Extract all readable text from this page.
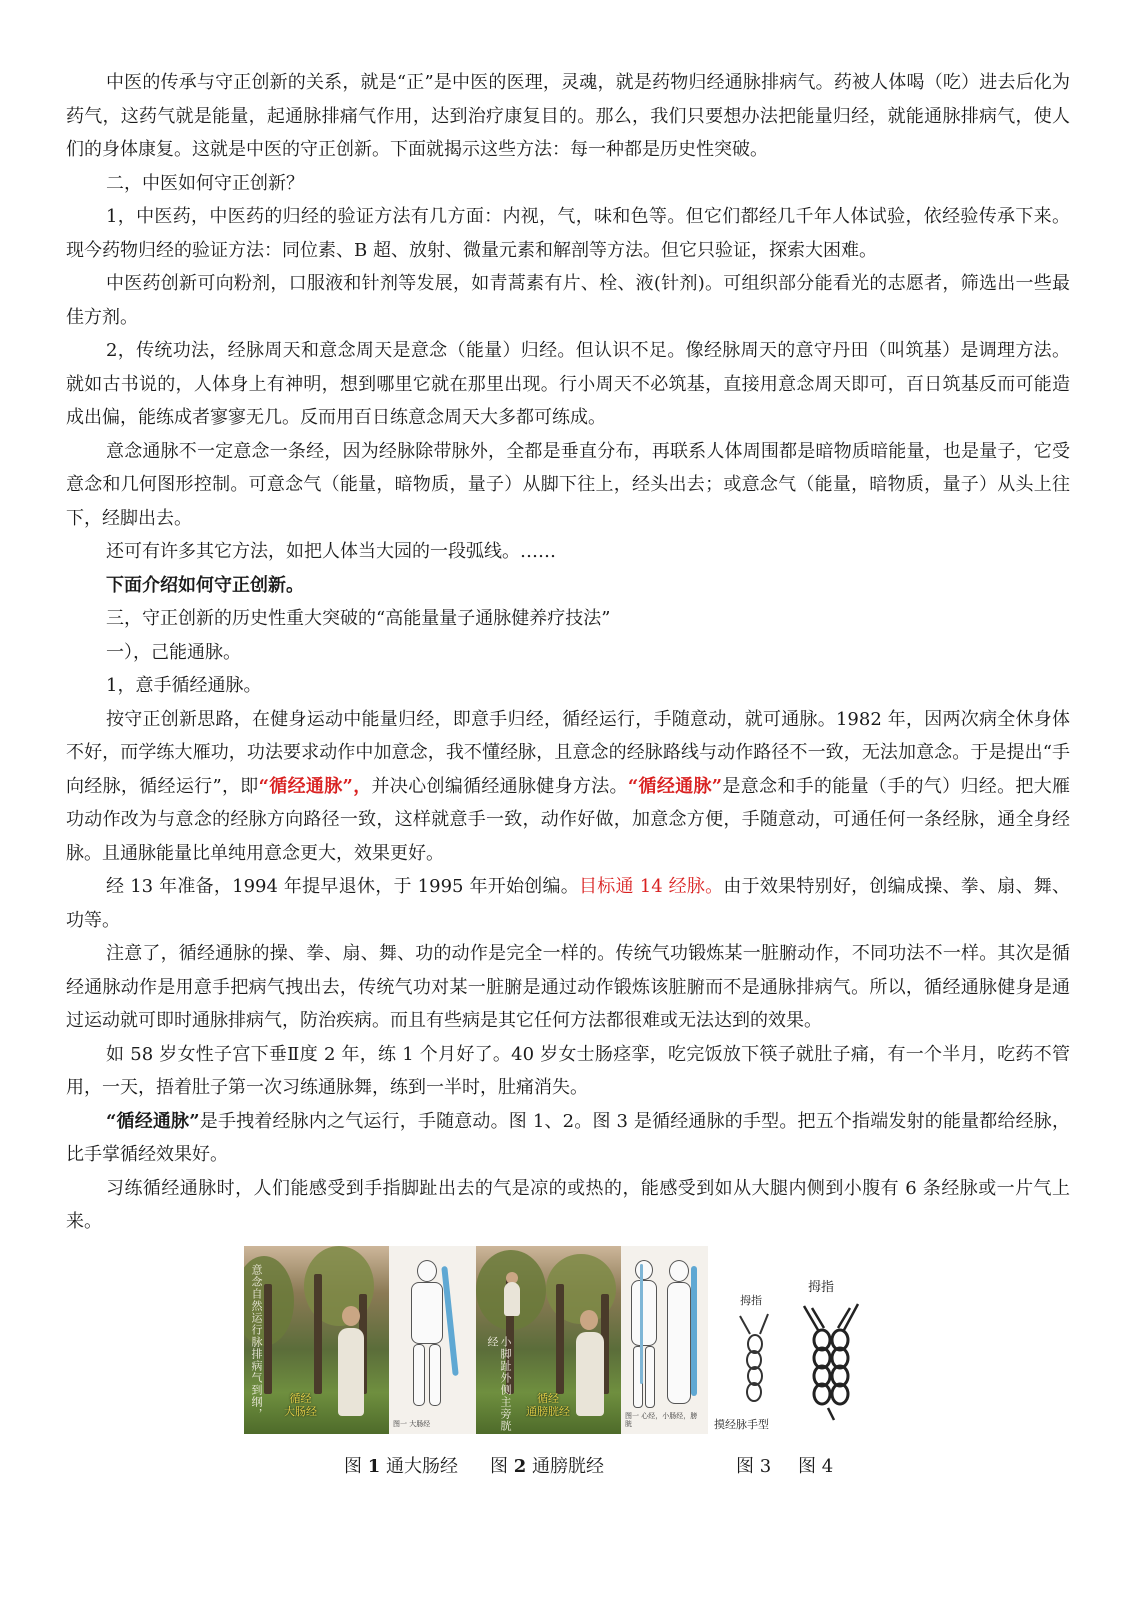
中医的传承与守正创新的关系，就是“正”是中医的医理，灵魂，就是药物归经通脉排病气。药被人体喝（吃）进去后化为药气，这药气就是能量，起通脉排痛气作用，达到治疗康复目的。那么，我们只要想办法把能量归经，就能通脉排病气，使人们的身体康复。这就是中医的守正创新。下面就揭示这些方法：每一种都是历史性突破。

二，中医如何守正创新？

1，中医药，中医药的归经的验证方法有几方面：内视，气，味和色等。但它们都经几千年人体试验，依经验传承下来。现今药物归经的验证方法：同位素、B 超、放射、微量元素和解剖等方法。但它只验证，探索大困难。

中医药创新可向粉剂，口服液和针剂等发展，如青蒿素有片、栓、液(针剂)。可组织部分能看光的志愿者，筛选出一些最佳方剂。

2，传统功法，经脉周天和意念周天是意念（能量）归经。但认识不足。像经脉周天的意守丹田（叫筑基）是调理方法。就如古书说的，人体身上有神明，想到哪里它就在那里出现。行小周天不必筑基，直接用意念周天即可，百日筑基反而可能造成出偏，能练成者寥寥无几。反而用百日练意念周天大多都可练成。

意念通脉不一定意念一条经，因为经脉除带脉外，全都是垂直分布，再联系人体周围都是暗物质暗能量，也是量子，它受意念和几何图形控制。可意念气（能量，暗物质，量子）从脚下往上，经头出去；或意念气（能量，暗物质，量子）从头上往下，经脚出去。

还可有许多其它方法，如把人体当大园的一段弧线。……

下面介绍如何守正创新。

三，守正创新的历史性重大突破的“高能量量子通脉健养疗技法”

一），己能通脉。

1，意手循经通脉。

按守正创新思路，在健身运动中能量归经，即意手归经，循经运行，手随意动，就可通脉。1982 年，因两次病全休身体不好，而学练大雁功，功法要求动作中加意念，我不懂经脉，且意念的经脉路线与动作路径不一致，无法加意念。于是提出“手向经脉，循经运行”，即“循经通脉”，并决心创编循经通脉健身方法。“循经通脉”是意念和手的能量（手的气）归经。把大雁功动作改为与意念的经脉方向路径一致，这样就意手一致，动作好做，加意念方便，手随意动，可通任何一条经脉，通全身经脉。且通脉能量比单纯用意念更大，效果更好。

经 13 年准备，1994 年提早退休，于 1995 年开始创编。目标通 14 经脉。由于效果特别好，创编成操、拳、扇、舞、功等。

注意了，循经通脉的操、拳、扇、舞、功的动作是完全一样的。传统气功锻炼某一脏腑动作，不同功法不一样。其次是循经通脉动作是用意手把病气拽出去，传统气功对某一脏腑是通过动作锻炼该脏腑而不是通脉排病气。所以，循经通脉健身是通过运动就可即时通脉排病气，防治疾病。而且有些病是其它任何方法都很难或无法达到的效果。

如 58 岁女性子宫下垂Ⅱ度 2 年，练 1 个月好了。40 岁女士肠痉挛，吃完饭放下筷子就肚子痛，有一个半月，吃药不管用，一天，捂着肚子第一次习练通脉舞，练到一半时，肚痛消失。

“循经通脉”是手拽着经脉内之气运行，手随意动。图 1、2。图 3 是循经通脉的手型。把五个指端发射的能量都给经脉，比手掌循经效果好。

习练循经通脉时，人们能感受到手指脚趾出去的气是凉的或热的，能感受到如从大腿内侧到小腹有 6 条经脉或一片气上来。

意念自然运行脉排病气到纲，	循经
大肠经
图一 大肠经	小脚趾外侧主旁胱经
循经
通膀胱经	图一 心经，小肠经，膀胱
拇指
摸经脉手型
拇指
图 1 通大肠经 图 2 通膀胱经	图 3 图 4
